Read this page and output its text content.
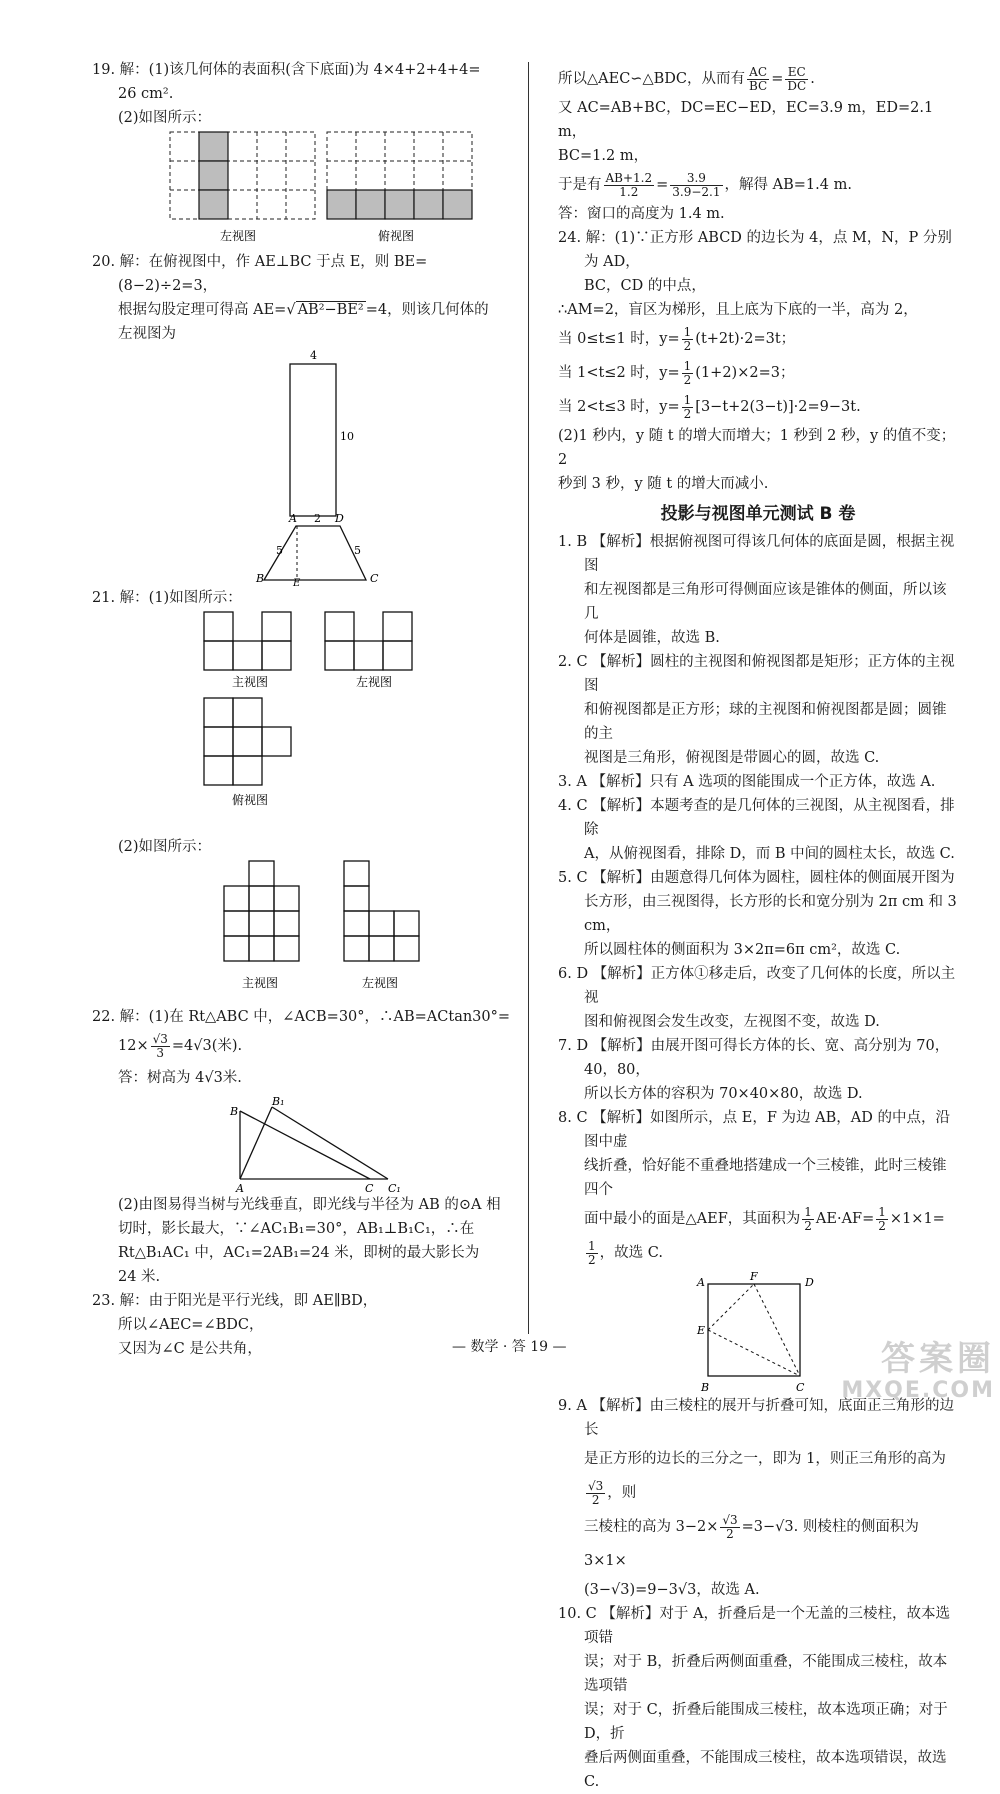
19. 解：(1)该几何体的表面积(含下底面)为 4×4+2+4+4=

26 cm².

(2)如图所示：

左视图	俯视图

20. 解：在俯视图中，作 AE⊥BC 于点 E，则 BE=(8−2)÷2=3，

根据勾股定理可得高 AE=√ AB²−BE² =4，则该几何体的

左视图为

4
10
A 2 D
5	5
B	E	C

21. 解：(1)如图所示：

主视图	左视图
俯视图

(2)如图所示：

主视图	左视图

22. 解：(1)在 Rt△ABC 中，∠ACB=30°，∴AB=ACtan30°=

$12\times \frac{√3}{3} =4√3$(米).

答：树高为 4√3米.

B
B₁
A	C C₁

(2)由图易得当树与光线垂直，即光线与半径为 AB 的⊙A 相

切时，影长最大，∵∠AC₁B₁=30°，AB₁⊥B₁C₁，∴在

Rt△B₁AC₁ 中，AC₁=2AB₁=24 米，即树的最大影长为

24 米.

23. 解：由于阳光是平行光线，即 AE∥BD，

所以∠AEC=∠BDC，

又因为∠C 是公共角，

所以△AEC∽△BDC，从而有 $\frac{AC}{BC} = \frac{EC}{DC}$ .

又 AC=AB+BC，DC=EC−ED，EC=3.9 m，ED=2.1 m，

BC=1.2 m，

于是有 $\frac{AB+1.2}{1.2} = \frac{3.9}{3.9-2.1}$ ，解得 AB=1.4 m.

答：窗口的高度为 1.4 m.

24. 解：(1)∵正方形 ABCD 的边长为 4，点 M，N，P 分别为 AD，

BC，CD 的中点，

∴AM=2，盲区为梯形，且上底为下底的一半，高为 2，

当 0≤t≤1 时，$y= \frac{1}{2} (t+2t)\cdot 2=3t$；

当 1<t≤2 时，$y= \frac{1}{2} (1+2)\times 2=3$；

当 2<t≤3 时，$y= \frac{1}{2} [3-t+2(3-t)]\cdot 2=9-3t$.

(2)1 秒内，y 随 t 的增大而增大；1 秒到 2 秒，y 的值不变；2

秒到 3 秒，y 随 t 的增大而减小.

投影与视图单元测试 B 卷

1. B 【解析】根据俯视图可得该几何体的底面是圆，根据主视图

和左视图都是三角形可得侧面应该是锥体的侧面，所以该几

何体是圆锥，故选 B.

2. C 【解析】圆柱的主视图和俯视图都是矩形；正方体的主视图

和俯视图都是正方形；球的主视图和俯视图都是圆；圆锥的主

视图是三角形，俯视图是带圆心的圆，故选 C.

3. A 【解析】只有 A 选项的图能围成一个正方体，故选 A.

4. C 【解析】本题考查的是几何体的三视图，从主视图看，排除

A，从俯视图看，排除 D，而 B 中间的圆柱太长，故选 C.

5. C 【解析】由题意得几何体为圆柱，圆柱体的侧面展开图为

长方形，由三视图得，长方形的长和宽分别为 2π cm 和 3 cm，

所以圆柱体的侧面积为 3×2π=6π cm²，故选 C.

6. D 【解析】正方体①移走后，改变了几何体的长度，所以主视

图和俯视图会发生改变，左视图不变，故选 D.

7. D 【解析】由展开图可得长方体的长、宽、高分别为 70，40，80，

所以长方体的容积为 70×40×80，故选 D.

8. C 【解析】如图所示，点 E，F 为边 AB，AD 的中点，沿图中虚

线折叠，恰好能不重叠地搭建成一个三棱锥，此时三棱锥四个

面中最小的面是△AEF，其面积为 $\frac{1}{2} AE\cdot AF= \frac{1}{2} \times 1\times 1=$

$\frac{1}{2}$ ，故选 C.

A	F	D
E
B	C

9. A 【解析】由三棱柱的展开与折叠可知，底面正三角形的边长

是正方形的边长的三分之一，即为 1，则正三角形的高为
$\frac{√3}{2}$ ，则

三棱柱的高为 $3-2\times \frac{√3}{2} =3-√3$. 则棱柱的侧面积为 3×1×

(3−√3)=9−3√3，故选 A.

10. C 【解析】对于 A，折叠后是一个无盖的三棱柱，故本选项错

误；对于 B，折叠后两侧面重叠，不能围成三棱柱，故本选项错

误；对于 C，折叠后能围成三棱柱，故本选项正确；对于 D，折

叠后两侧面重叠，不能围成三棱柱，故本选项错误，故选 C.

— 数学 · 答 19 —	答案圈
MXQE.COM
